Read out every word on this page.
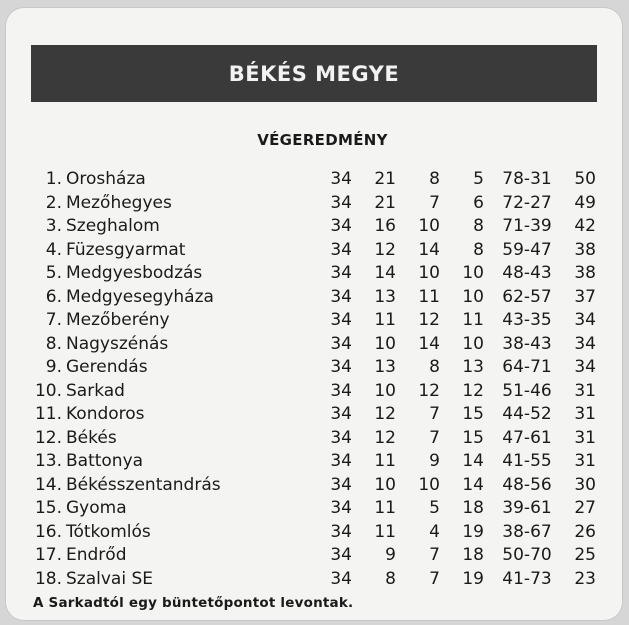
BÉKÉS MEGYE
VÉGEREDMÉNY
1. Orosháza	34	21	8	5	78-31	50
2. Mezőhegyes	34	21	7	6	72-27	49
3. Szeghalom	34	16	10	8	71-39	42
4. Füzesgyarmat	34	12	14	8	59-47	38
5. Medgyesbodzás	34	14	10	10	48-43	38
6. Medgyesegyháza	34	13	11	10	62-57	37
7. Mezőberény	34	11	12	11	43-35	34
8. Nagyszénás	34	10	14	10	38-43	34
9. Gerendás	34	13	8	13	64-71	34
10. Sarkad	34	10	12	12	51-46	31
11. Kondoros	34	12	7	15	44-52	31
12. Békés	34	12	7	15	47-61	31
13. Battonya	34	11	9	14	41-55	31
14. Békésszentandrás	34	10	10	14	48-56	30
15. Gyoma	34	11	5	18	39-61	27
16. Tótkomlós	34	11	4	19	38-67	26
17. Endrőd	34	9	7	18	50-70	25
18. Szalvai SE	34	8	7	19	41-73	23
A Sarkadtól egy büntetőpontot levontak.
